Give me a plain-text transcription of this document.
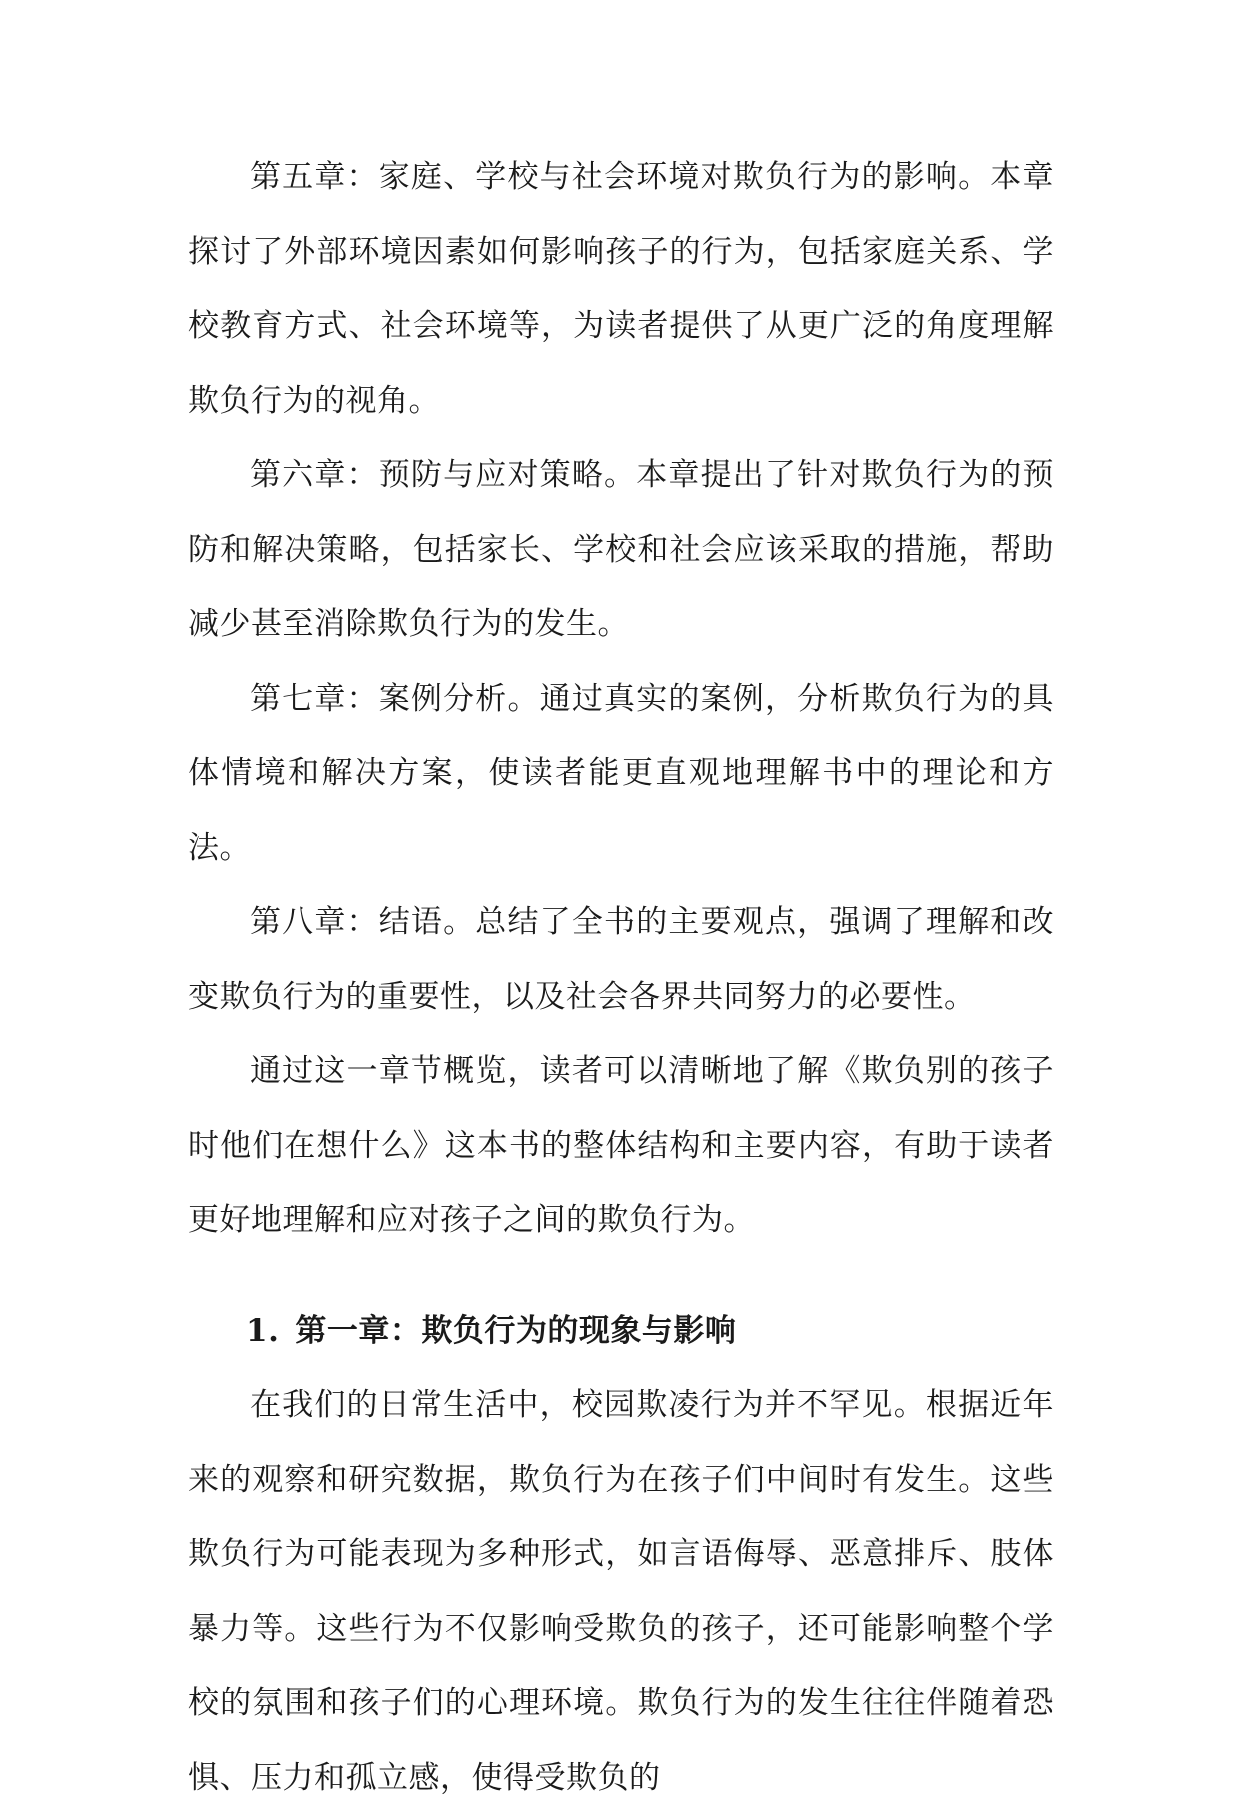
第五章：家庭、学校与社会环境对欺负行为的影响。本章探讨了外部环境因素如何影响孩子的行为，包括家庭关系、学校教育方式、社会环境等，为读者提供了从更广泛的角度理解欺负行为的视角。

第六章：预防与应对策略。本章提出了针对欺负行为的预防和解决策略，包括家长、学校和社会应该采取的措施，帮助减少甚至消除欺负行为的发生。

第七章：案例分析。通过真实的案例，分析欺负行为的具体情境和解决方案，使读者能更直观地理解书中的理论和方法。

第八章：结语。总结了全书的主要观点，强调了理解和改变欺负行为的重要性，以及社会各界共同努力的必要性。

通过这一章节概览，读者可以清晰地了解《欺负别的孩子时他们在想什么》这本书的整体结构和主要内容，有助于读者更好地理解和应对孩子之间的欺负行为。

1. 第一章：欺负行为的现象与影响

在我们的日常生活中，校园欺凌行为并不罕见。根据近年来的观察和研究数据，欺负行为在孩子们中间时有发生。这些欺负行为可能表现为多种形式，如言语侮辱、恶意排斥、肢体暴力等。这些行为不仅影响受欺负的孩子，还可能影响整个学校的氛围和孩子们的心理环境。欺负行为的发生往往伴随着恐惧、压力和孤立感，使得受欺负的
